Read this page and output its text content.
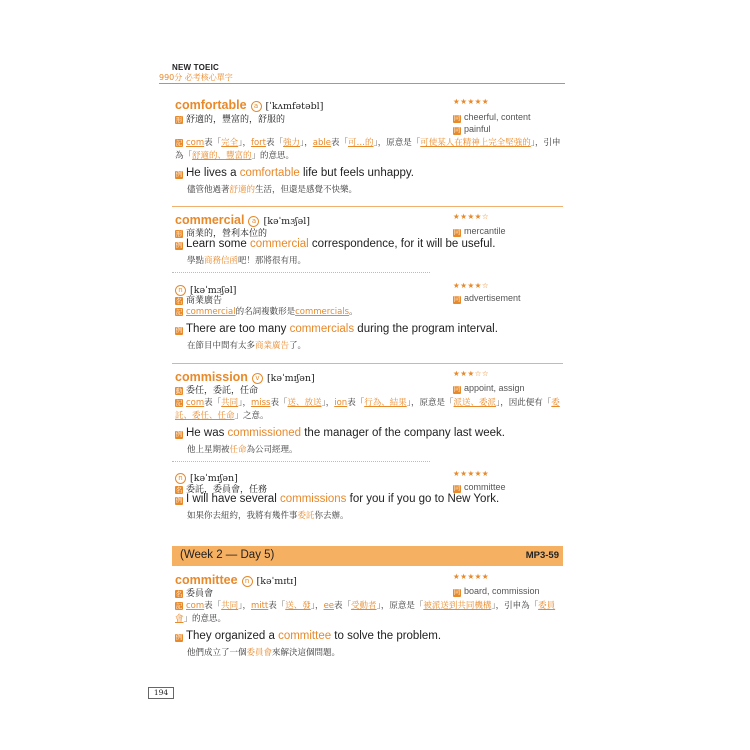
NEW TOEIC
990分 必考核心單字
comfortable a [ˈkʌmfətəbl]	★★★★★
形 舒適的，豐富的，舒服的	同 cheerful, content
同 painful
記 com表「完全」，fort表「強力」，able表「可…的」，原意是「可使某人在精神上完全堅強的」，引申為「舒適的、豐富的」的意思。
例 He lives a comfortable life but feels unhappy.
儘管他過著舒適的生活，但還是感覺不快樂。
commercial a [kəˈmɜʃəl]	★★★★☆
形 商業的，營利本位的	同 mercantile
例 Learn some commercial correspondence, for it will be useful.
學點商務信函吧！那將很有用。
n [kəˈmɜʃəl]	★★★★☆
名 商業廣告	同 advertisement
記 commercial的名詞複數形是commercials。
例 There are too many commercials during the program interval.
在節目中間有太多商業廣告了。
commission v [kəˈmɪʃən]	★★★☆☆
動 委任，委託，任命	同 appoint, assign
記 com表「共同」，miss表「送、放送」，ion表「行為、結果」，原意是「派送、委派」，因此便有「委託、委任、任命」之意。
例 He was commissioned the manager of the company last week.
他上星期被任命為公司經理。
n [kəˈmɪʃən]	★★★★★
名 委託，委員會，任務	同 committee
例 I will have several commissions for you if you go to New York.
如果你去紐約，我將有幾件事委託你去辦。
(Week 2 — Day 5)	MP3-59
committee n [kəˈmɪtɪ]	★★★★★
名 委員會	同 board, commission
記 com表「共同」，mitt表「送、發」，ee表「受動者」，原意是「被派送到共同機構」，引申為「委員會」的意思。
例 They organized a committee to solve the problem.
他們成立了一個委員會來解決這個問題。
194
